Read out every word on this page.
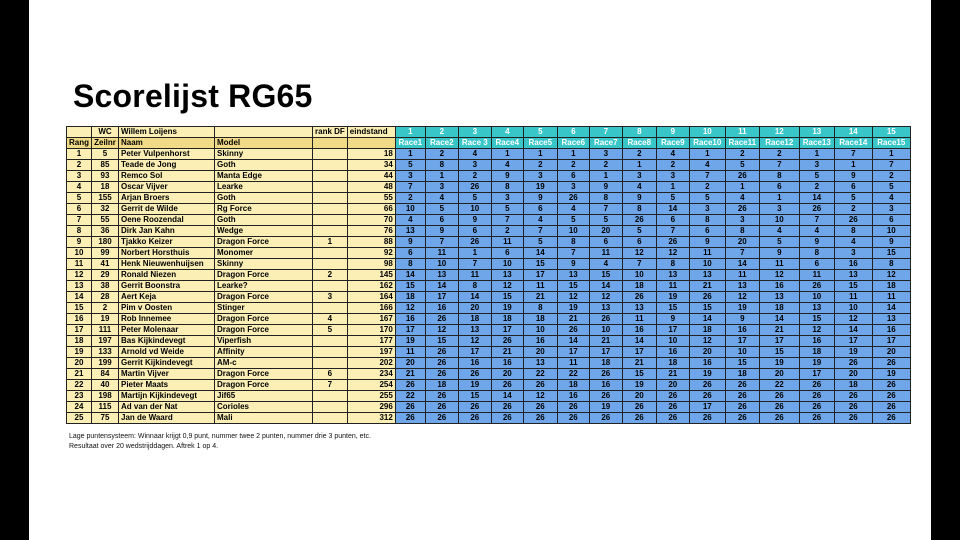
Scorelijst RG65
	WC	Willem Loijens		rank DF	eindstand	1	2	3	4	5	6	7	8	9	10	11	12	13	14	15
Rang	Zeilnr	Naam	Model			Race1	Race2	Race 3	Race4	Race5	Race6	Race7	Race8	Race9	Race10	Race11	Race12	Race13	Race14	Race15
1	5	Peter Vulpenhorst	Skinny		18	1	2	4	1	1	1	3	2	4	1	2	2	1	7	1
2	85	Teade de Jong	Goth		34	5	8	3	4	2	2	2	1	2	4	5	7	3	1	7
3	93	Remco Sol	Manta Edge		44	3	1	2	9	3	6	1	3	3	7	26	8	5	9	2
4	18	Oscar Vijver	Learke		48	7	3	26	8	19	3	9	4	1	2	1	6	2	6	5
5	155	Arjan Broers	Goth		55	2	4	5	3	9	26	8	9	5	5	4	1	14	5	4
6	32	Gerrit de Wilde	Rg Force		66	10	5	10	5	6	4	7	8	14	3	26	3	26	2	3
7	55	Oene Roozendal	Goth		70	4	6	9	7	4	5	5	26	6	8	3	10	7	26	6
8	36	Dirk Jan Kahn	Wedge		76	13	9	6	2	7	10	20	5	7	6	8	4	4	8	10
9	180	Tjakko Keizer	Dragon Force	1	88	9	7	26	11	5	8	6	6	26	9	20	5	9	4	9
10	99	Norbert Horsthuis	Monomer		92	6	11	1	6	14	7	11	12	12	11	7	9	8	3	15
11	41	Henk Nieuwenhuijsen	Skinny		98	8	10	7	10	15	9	4	7	8	10	14	11	6	16	8
12	29	Ronald Niezen	Dragon Force	2	145	14	13	11	13	17	13	15	10	13	13	11	12	11	13	12
13	38	Gerrit Boonstra	Learke?		162	15	14	8	12	11	15	14	18	11	21	13	16	26	15	18
14	28	Aert Keja	Dragon Force	3	164	18	17	14	15	21	12	12	26	19	26	12	13	10	11	11
15	2	Pim v Oosten	Stinger		166	12	16	20	19	8	19	13	13	15	15	19	18	13	10	14
16	19	Rob Innemee	Dragon Force	4	167	16	26	18	18	18	21	26	11	9	14	9	14	15	12	13
17	111	Peter Molenaar	Dragon Force	5	170	17	12	13	17	10	26	10	16	17	18	16	21	12	14	16
18	197	Bas Kijkindevegt	Viperfish		177	19	15	12	26	16	14	21	14	10	12	17	17	16	17	17
19	133	Arnold vd Weide	Affinity		197	11	26	17	21	20	17	17	17	16	20	10	15	18	19	20
20	199	Gerrit Kijkindevegt	AM-c		202	20	26	16	16	13	11	18	21	18	16	15	19	19	26	26
21	84	Martin Vijver	Dragon Force	6	234	21	26	26	20	22	22	26	15	21	19	18	20	17	20	19
22	40	Pieter Maats	Dragon Force	7	254	26	18	19	26	26	18	16	19	20	26	26	22	26	18	26
23	198	Martijn Kijkindevegt	Jif65		255	22	26	15	14	12	16	26	20	26	26	26	26	26	26	26
24	115	Ad van der Nat	Corioles		296	26	26	26	26	26	26	19	26	26	17	26	26	26	26	26
25	75	Jan de Waard	Mali		312	26	26	26	26	26	26	26	26	26	26	26	26	26	26	26
Lage puntensysteem: Winnaar krijgt 0,9 punt, nummer twee 2 punten, nummer drie 3 punten, etc.
Resultaat over 20 wedstrijddagen. Aftrek 1 op 4.
